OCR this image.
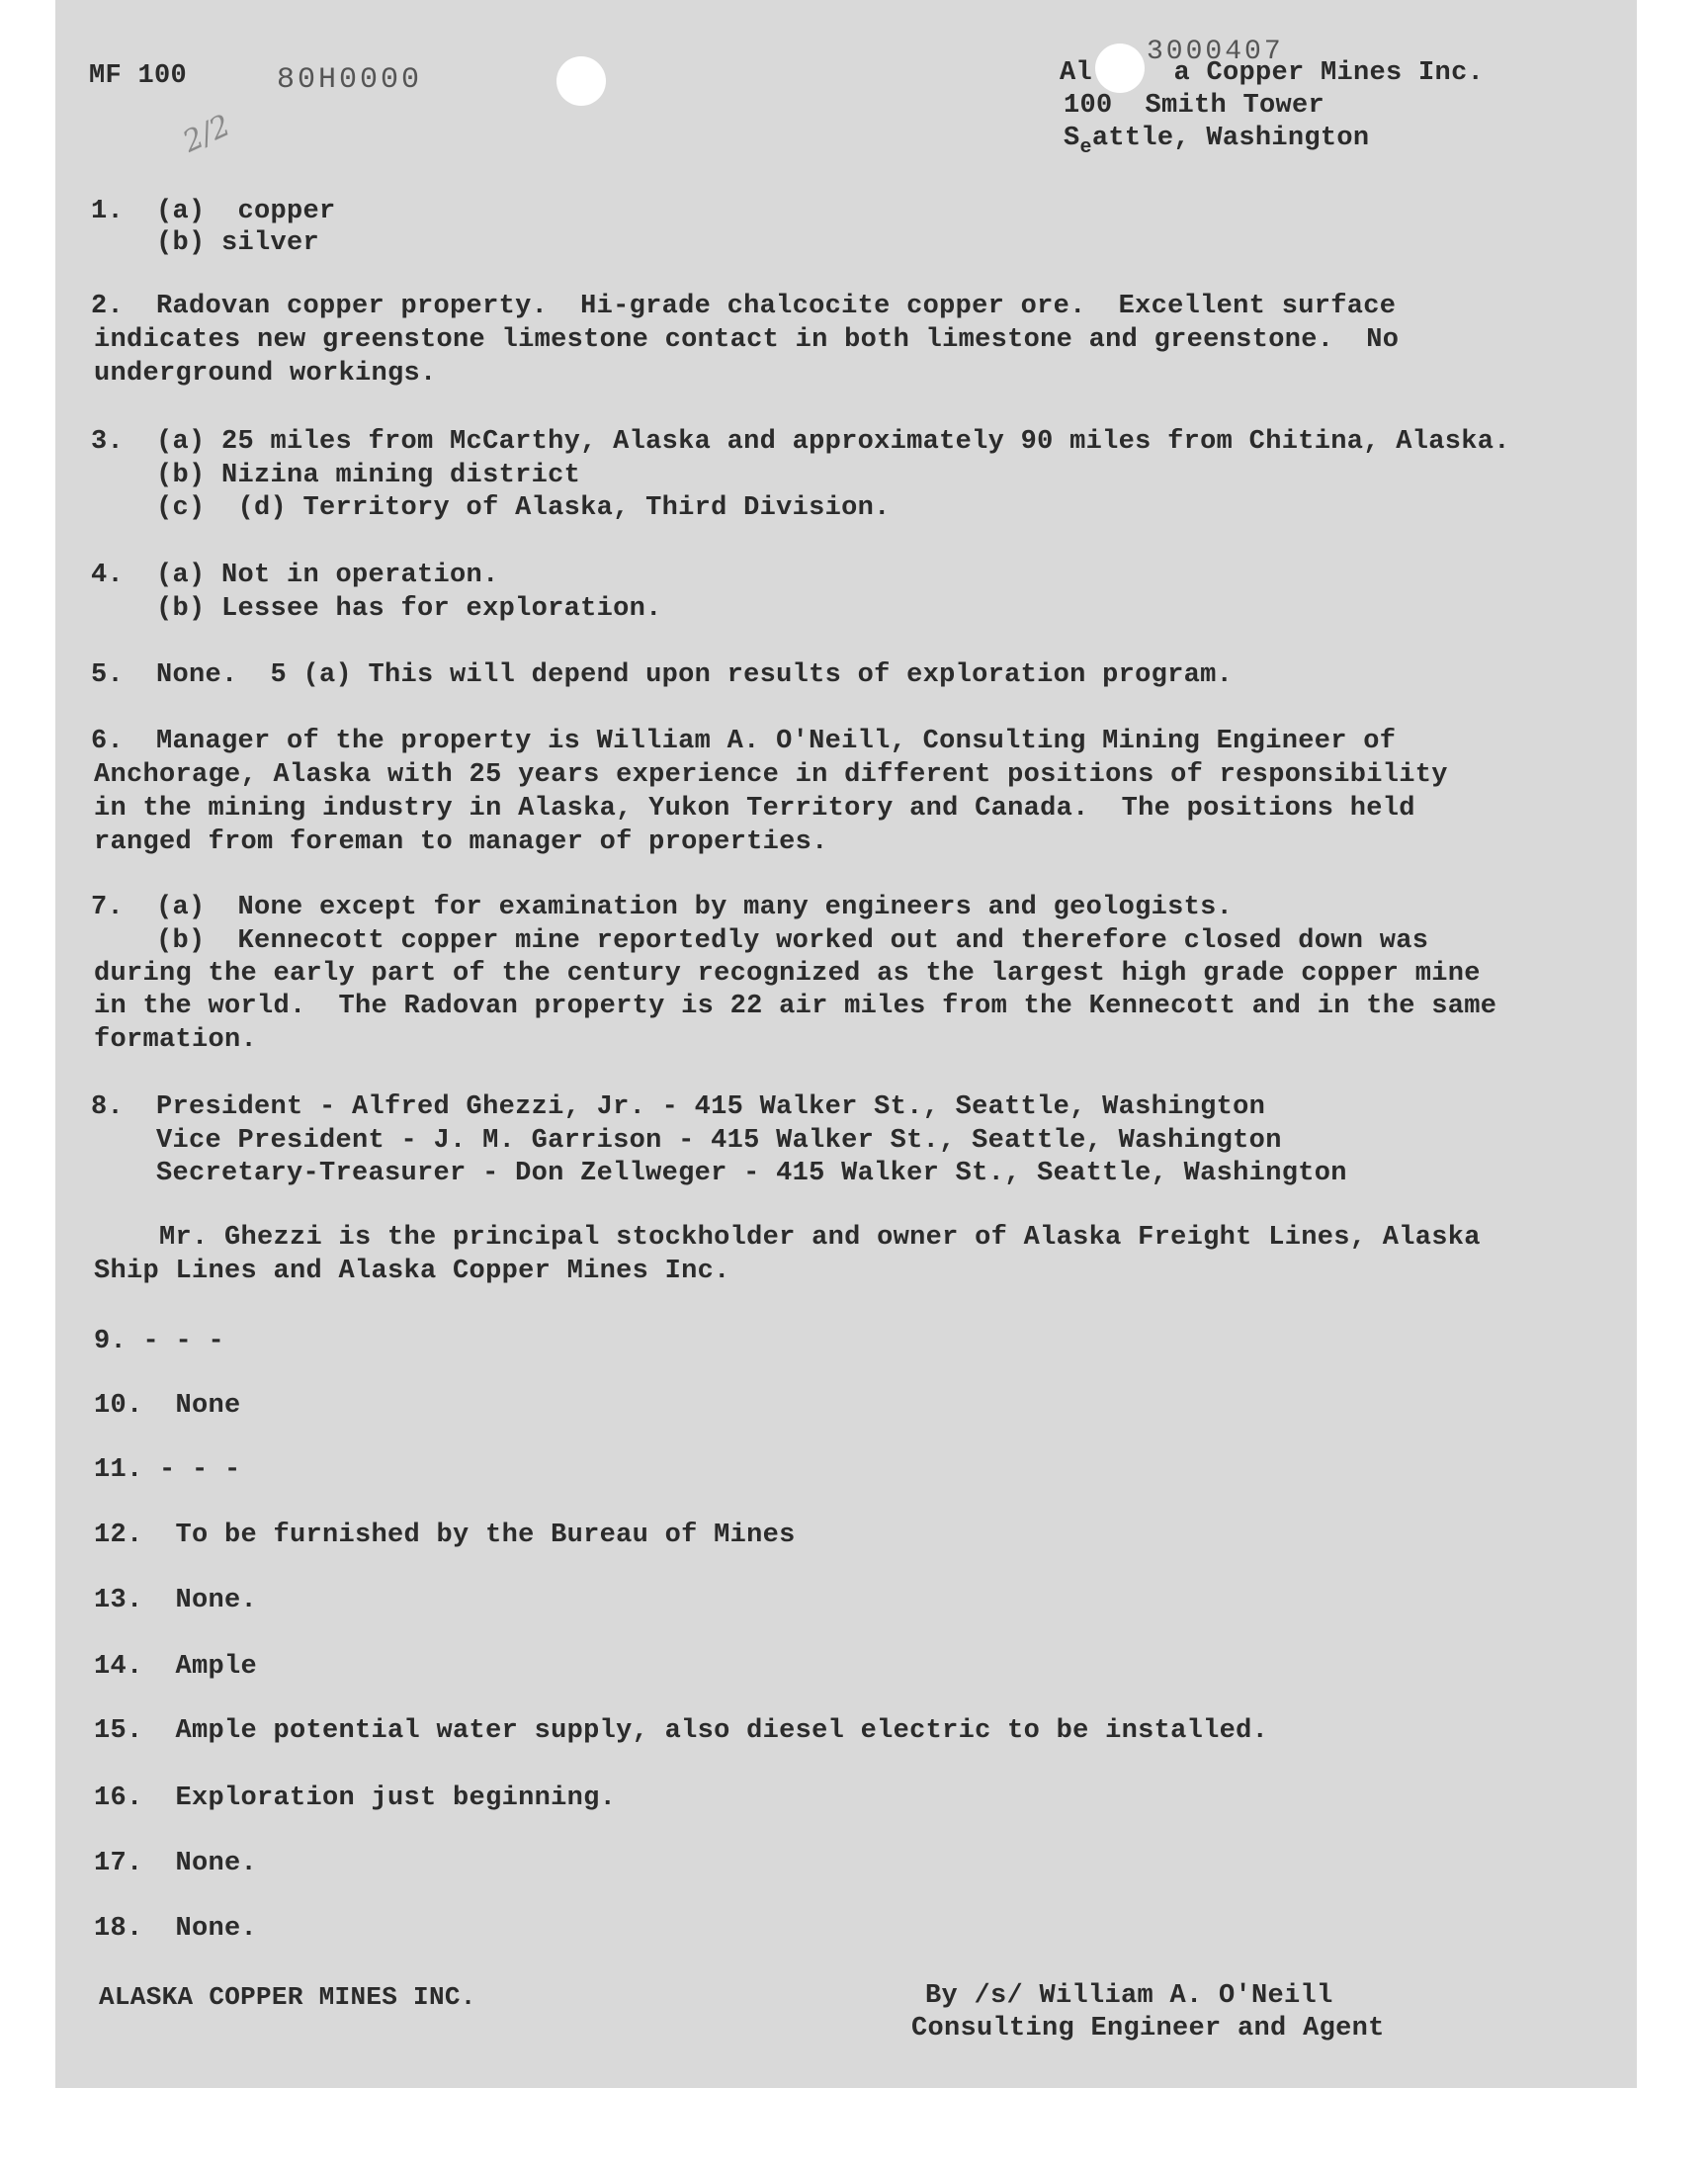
MF 100	80H0000

3000407

2/2

Al     a Copper Mines Inc.

100  Smith Tower

$S_eattle$, Washington

1.  (a)  copper

(b) silver

2.  Radovan copper property.  Hi-grade chalcocite copper ore.  Excellent surface

indicates new greenstone limestone contact in both limestone and greenstone.  No

underground workings.

3.  (a) 25 miles from McCarthy, Alaska and approximately 90 miles from Chitina, Alaska.

(b) Nizina mining district

(c)  (d) Territory of Alaska, Third Division.

4.  (a) Not in operation.

(b) Lessee has for exploration.

5.  None.  5 (a) This will depend upon results of exploration program.

6.  Manager of the property is William A. O'Neill, Consulting Mining Engineer of

Anchorage, Alaska with 25 years experience in different positions of responsibility

in the mining industry in Alaska, Yukon Territory and Canada.  The positions held

ranged from foreman to manager of properties.

7.  (a)  None except for examination by many engineers and geologists.

(b)  Kennecott copper mine reportedly worked out and therefore closed down was

during the early part of the century recognized as the largest high grade copper mine

in the world.  The Radovan property is 22 air miles from the Kennecott and in the same

formation.

8.  President - Alfred Ghezzi, Jr. - 415 Walker St., Seattle, Washington

Vice President - J. M. Garrison - 415 Walker St., Seattle, Washington

Secretary-Treasurer - Don Zellweger - 415 Walker St., Seattle, Washington

Mr. Ghezzi is the principal stockholder and owner of Alaska Freight Lines, Alaska

Ship Lines and Alaska Copper Mines Inc.

9. - - -

10.  None

11. - - -

12.  To be furnished by the Bureau of Mines

13.  None.

14.  Ample

15.  Ample potential water supply, also diesel electric to be installed.

16.  Exploration just beginning.

17.  None.

18.  None.

ALASKA COPPER MINES INC.	By /s/ William A. O'Neill

Consulting Engineer and Agent
